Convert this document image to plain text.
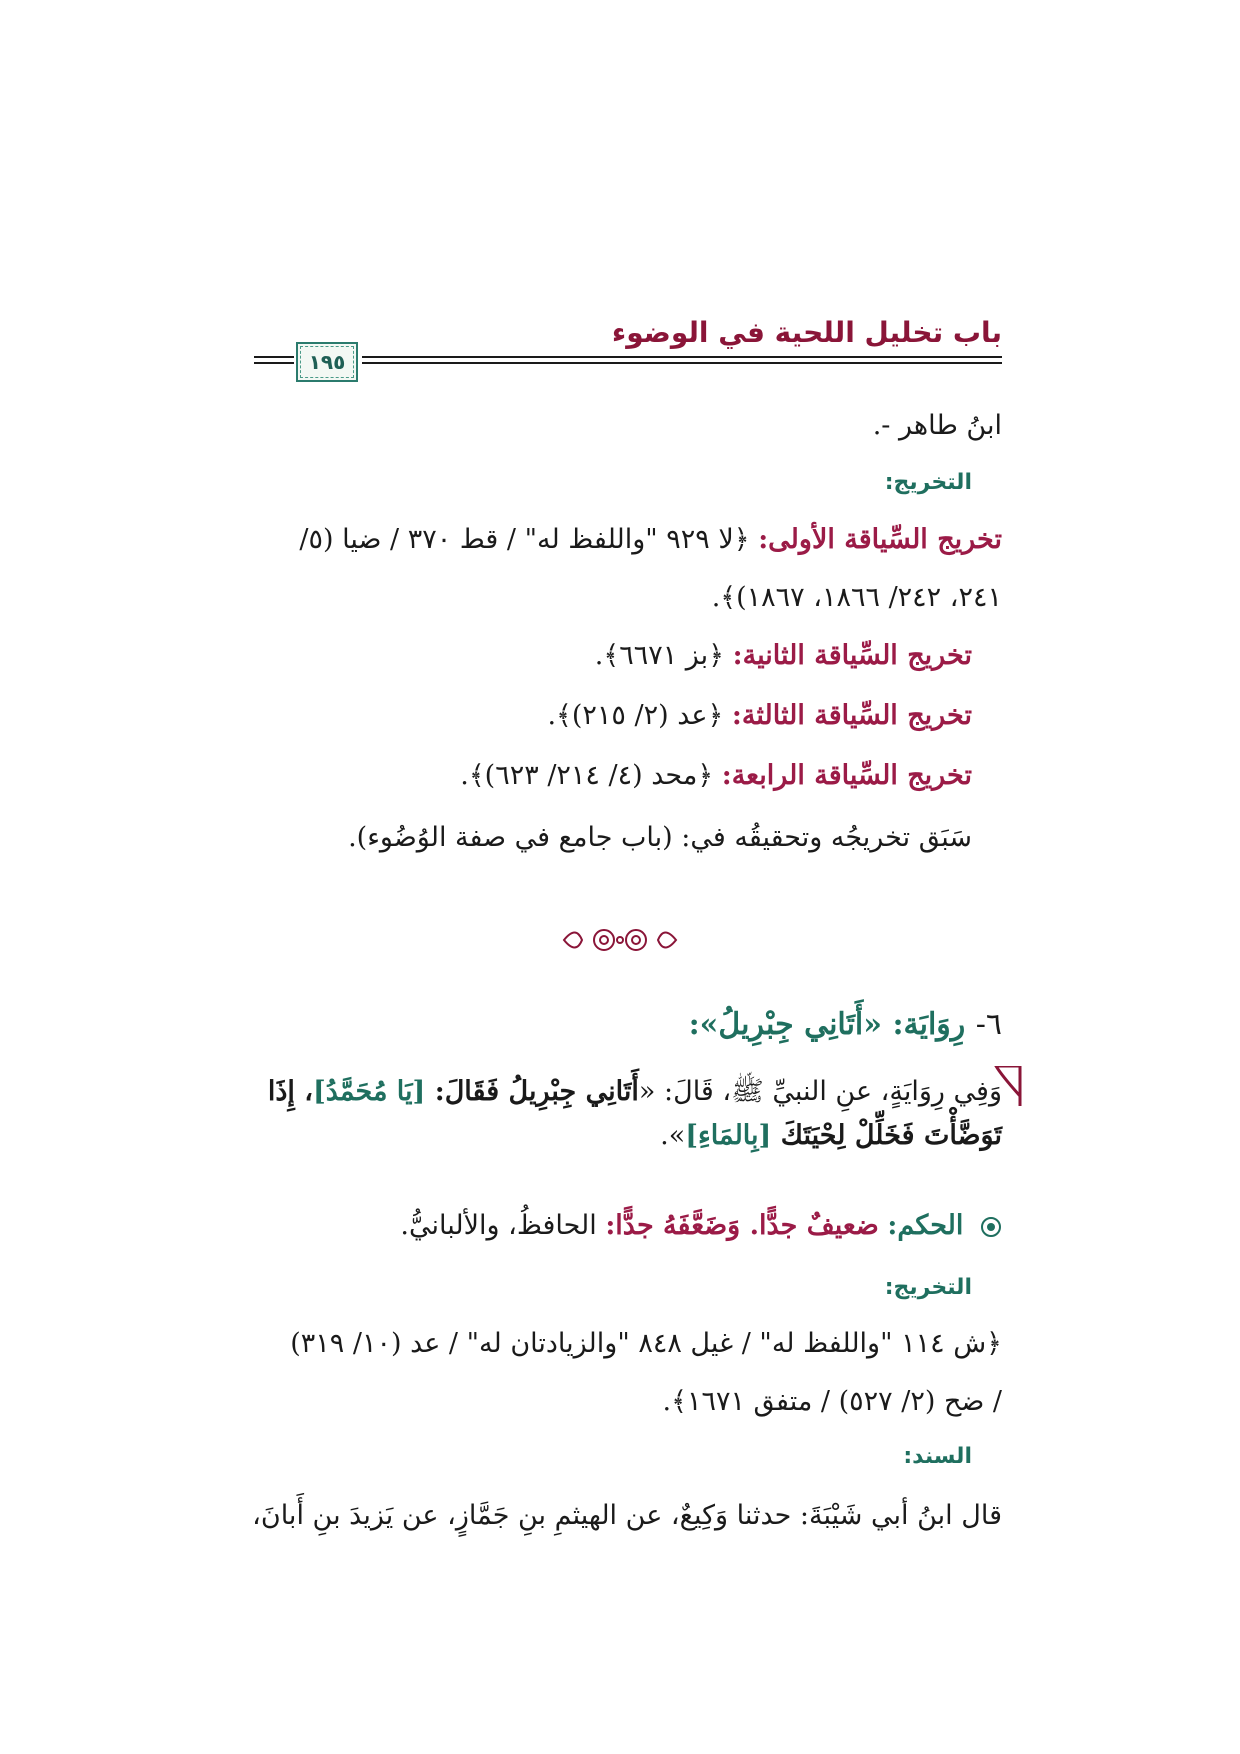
باب تخليل اللحية في الوضوء
١٩٥
ابنُ طاهر -.
التخريج:
تخريج السِّياقة الأولى: ﴿لا ٩٢٩ "واللفظ له" / قط ٣٧٠ / ضيا (٥/
٢٤١، ٢٤٢/ ١٨٦٦، ١٨٦٧)﴾.
تخريج السِّياقة الثانية: ﴿بز ٦٦٧١﴾.
تخريج السِّياقة الثالثة: ﴿عد (٢/ ٢١٥)﴾.
تخريج السِّياقة الرابعة: ﴿محد (٤/ ٢١٤/ ٦٢٣)﴾.
سَبَق تخريجُه وتحقيقُه في: (باب جامع في صفة الوُضُوء).
٦- رِوَايَة: «أَتَانِي جِبْرِيلُ»:
وَفِي رِوَايَةٍ، عنِ النبيِّ ﷺ، قَالَ: «أَتَانِي جِبْرِيلُ فَقَالَ: [يَا مُحَمَّدُ]، إِذَا
تَوَضَّأْتَ فَخَلِّلْ لِحْيَتَكَ [بِالمَاءِ]».
الحكم: ضعيفٌ جدًّا. وَضَعَّفَهُ جدًّا: الحافظُ، والألبانيُّ.
التخريج:
﴿ش ١١٤ "واللفظ له" / غيل ٨٤٨ "والزيادتان له" / عد (١٠/ ٣١٩)
/ ضح (٢/ ٥٢٧) / متفق ١٦٧١﴾.
السند:
قال ابنُ أبي شَيْبَةَ: حدثنا وَكِيعٌ، عن الهيثمِ بنِ جَمَّازٍ، عن يَزيدَ بنِ أَبانَ،
